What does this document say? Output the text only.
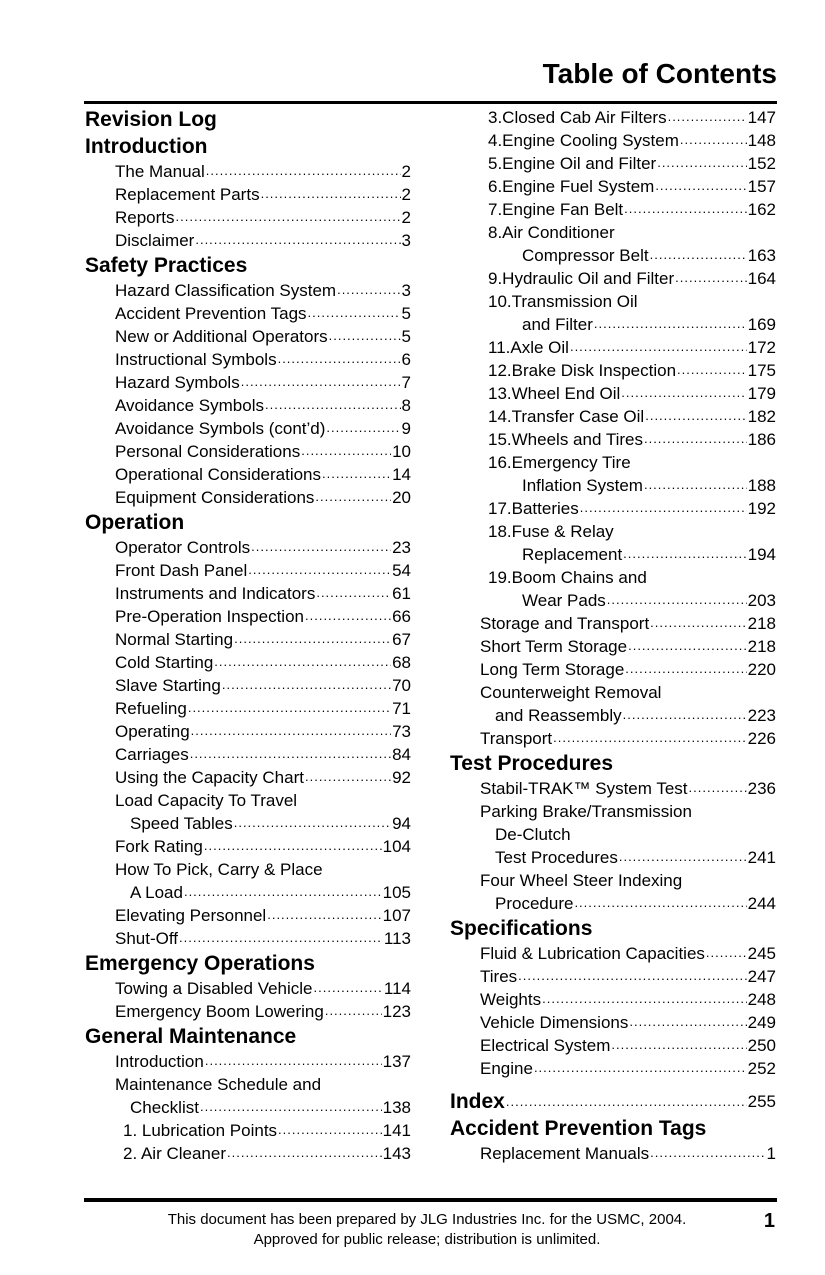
Table of Contents
Revision Log
Introduction
The Manual .....	2
Replacement Parts .....	2
Reports .....	2
Disclaimer .....	3
Safety Practices
Hazard Classification System .....	3
Accident Prevention Tags .....	5
New or Additional Operators .....	5
Instructional Symbols .....	6
Hazard Symbols .....	7
Avoidance Symbols .....	8
Avoidance Symbols (cont’d) .....	9
Personal Considerations .....	10
Operational Considerations .....	14
Equipment Considerations .....	20
Operation
Operator Controls .....	23
Front Dash Panel .....	54
Instruments and Indicators .....	61
Pre-Operation Inspection .....	66
Normal Starting .....	67
Cold Starting .....	68
Slave Starting .....	70
Refueling .....	71
Operating .....	73
Carriages .....	84
Using the Capacity Chart .....	92
Load Capacity To Travel
Speed Tables .....	94
Fork Rating .....	104
How To Pick, Carry & Place
A Load .....	105
Elevating Personnel .....	107
Shut-Off .....	113
Emergency Operations
Towing a Disabled Vehicle .....	114
Emergency Boom Lowering .....	123
General Maintenance
Introduction .....	137
Maintenance Schedule and
Checklist .....	138
1. Lubrication Points .....	141
2. Air Cleaner .....	143
3.Closed Cab Air Filters .....	147
4.Engine Cooling System .....	148
5.Engine Oil and Filter .....	152
6.Engine Fuel System .....	157
7.Engine Fan Belt .....	162
8.Air Conditioner
Compressor Belt .....	163
9.Hydraulic Oil and Filter .....	164
10.Transmission Oil
and Filter .....	169
11.Axle Oil .....	172
12.Brake Disk Inspection .....	175
13.Wheel End Oil .....	179
14.Transfer Case Oil .....	182
15.Wheels and Tires .....	186
16.Emergency Tire
Inflation System .....	188
17.Batteries .....	192
18.Fuse & Relay
Replacement .....	194
19.Boom Chains and
Wear Pads .....	203
Storage and Transport .....	218
Short Term Storage .....	218
Long Term Storage .....	220
Counterweight Removal
and Reassembly .....	223
Transport .....	226
Test Procedures
Stabil-TRAK™ System Test .....	236
Parking Brake/Transmission
De-Clutch
Test Procedures .....	241
Four Wheel Steer Indexing
Procedure .....	244
Specifications
Fluid & Lubrication Capacities .....	245
Tires .....	247
Weights .....	248
Vehicle Dimensions .....	249
Electrical System .....	250
Engine .....	252
Index .....	255
Accident Prevention Tags
Replacement Manuals .....	1
This document has been prepared by JLG Industries Inc. for the USMC, 2004.
Approved for public release; distribution is unlimited.
1
